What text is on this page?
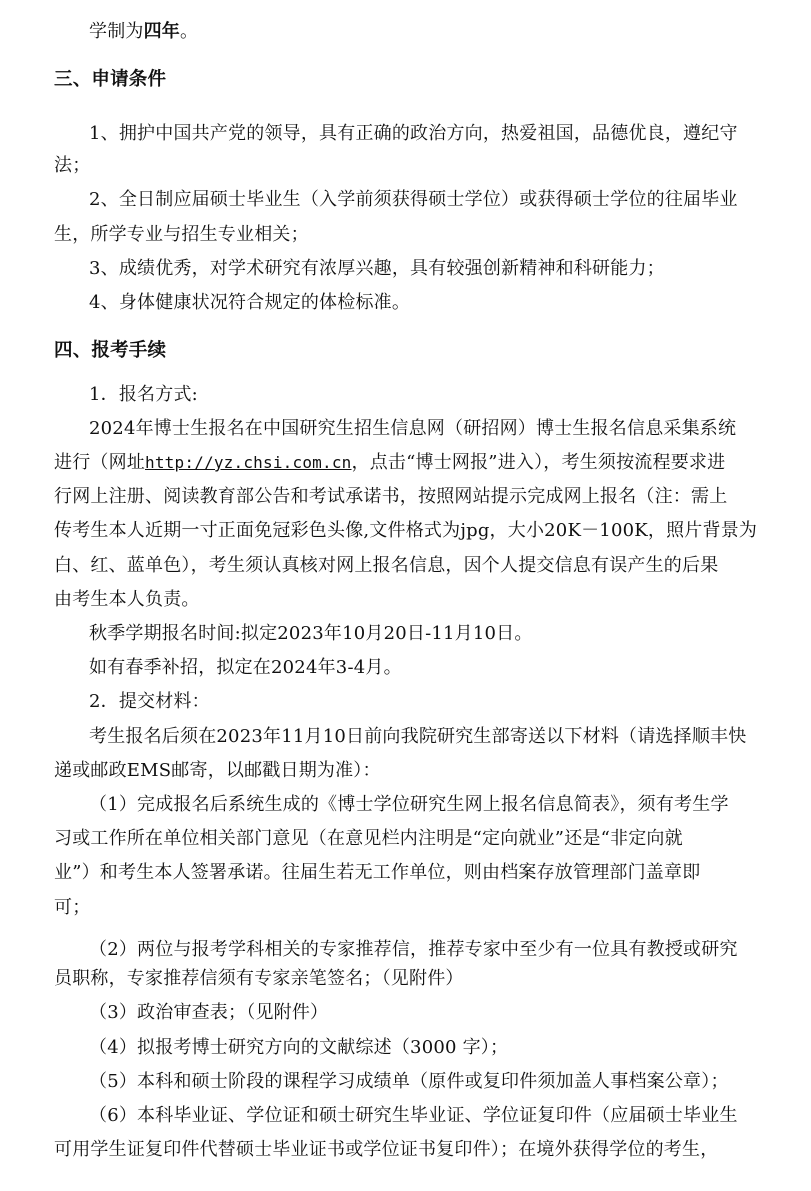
学制为四年。
三、申请条件
1、拥护中国共产党的领导，具有正确的政治方向，热爱祖国，品德优良，遵纪守
法；
2、全日制应届硕士毕业生（入学前须获得硕士学位）或获得硕士学位的往届毕业
生，所学专业与招生专业相关；
3、成绩优秀，对学术研究有浓厚兴趣，具有较强创新精神和科研能力；
4、身体健康状况符合规定的体检标准。
四、报考手续
1．报名方式:
2024年博士生报名在中国研究生招生信息网（研招网）博士生报名信息采集系统
进行（网址http://yz.chsi.com.cn，点击“博士网报”进入），考生须按流程要求进
行网上注册、阅读教育部公告和考试承诺书，按照网站提示完成网上报名（注：需上
传考生本人近期一寸正面免冠彩色头像,文件格式为jpg，大小20K－100K，照片背景为
白、红、蓝单色），考生须认真核对网上报名信息，因个人提交信息有误产生的后果
由考生本人负责。
秋季学期报名时间:拟定2023年10月20日-11月10日。
如有春季补招，拟定在2024年3-4月。
2．提交材料：
考生报名后须在2023年11月10日前向我院研究生部寄送以下材料（请选择顺丰快
递或邮政EMS邮寄，以邮戳日期为准）：
（1）完成报名后系统生成的《博士学位研究生网上报名信息简表》，须有考生学
习或工作所在单位相关部门意见（在意见栏内注明是“定向就业”还是“非定向就
业”）和考生本人签署承诺。往届生若无工作单位，则由档案存放管理部门盖章即
可；
（2）两位与报考学科相关的专家推荐信，推荐专家中至少有一位具有教授或研究
员职称，专家推荐信须有专家亲笔签名；（见附件）
（3）政治审查表；（见附件）
（4）拟报考博士研究方向的文献综述（3000 字）；
（5）本科和硕士阶段的课程学习成绩单（原件或复印件须加盖人事档案公章）；
（6）本科毕业证、学位证和硕士研究生毕业证、学位证复印件（应届硕士毕业生
可用学生证复印件代替硕士毕业证书或学位证书复印件）；在境外获得学位的考生，
